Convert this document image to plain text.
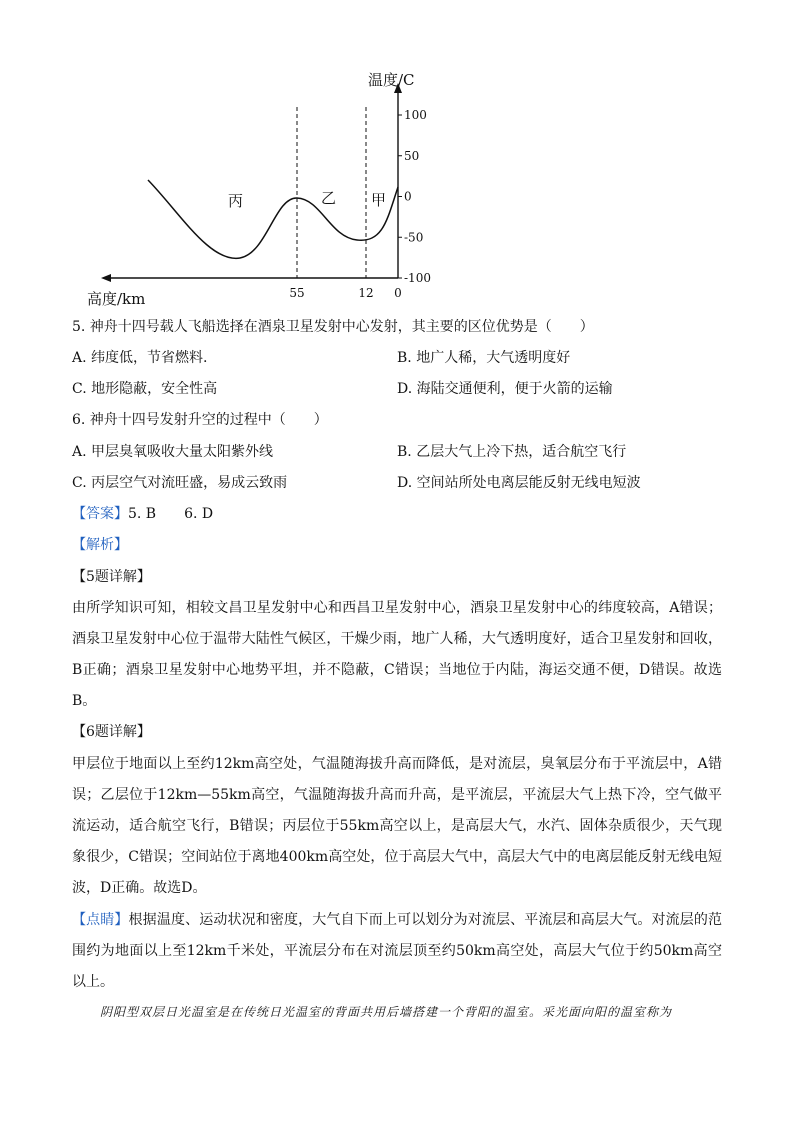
100
50
0
-50
-100
0
12
55
温度/C
高度/km
甲
乙
丙
5. 神舟十四号载人飞船选择在酒泉卫星发射中心发射，其主要的区位优势是（　　）
A. 纬度低，节省燃料.	B. 地广人稀，大气透明度好
C. 地形隐蔽，安全性高	D. 海陆交通便利，便于火箭的运输
6. 神舟十四号发射升空的过程中（　　）
A. 甲层臭氧吸收大量太阳紫外线	B. 乙层大气上冷下热，适合航空飞行
C. 丙层空气对流旺盛，易成云致雨	D. 空间站所处电离层能反射无线电短波
【答案】5. B　　6. D
【解析】
【5题详解】
由所学知识可知，相较文昌卫星发射中心和西昌卫星发射中心，酒泉卫星发射中心的纬度较高，A错误；酒泉卫星发射中心位于温带大陆性气候区，干燥少雨，地广人稀，大气透明度好，适合卫星发射和回收，B正确；酒泉卫星发射中心地势平坦，并不隐蔽，C错误；当地位于内陆，海运交通不便，D错误。故选B。
【6题详解】
甲层位于地面以上至约12km高空处，气温随海拔升高而降低，是对流层，臭氧层分布于平流层中，A错误；乙层位于12km—55km高空，气温随海拔升高而升高，是平流层，平流层大气上热下冷，空气做平流运动，适合航空飞行，B错误；丙层位于55km高空以上，是高层大气，水汽、固体杂质很少，天气现象很少，C错误；空间站位于离地400km高空处，位于高层大气中，高层大气中的电离层能反射无线电短波，D正确。故选D。
【点睛】根据温度、运动状况和密度，大气自下而上可以划分为对流层、平流层和高层大气。对流层的范围约为地面以上至12km千米处，平流层分布在对流层顶至约50km高空处，高层大气位于约50km高空以上。
阴阳型双层日光温室是在传统日光温室的背面共用后墙搭建一个背阳的温室。采光面向阳的温室称为
